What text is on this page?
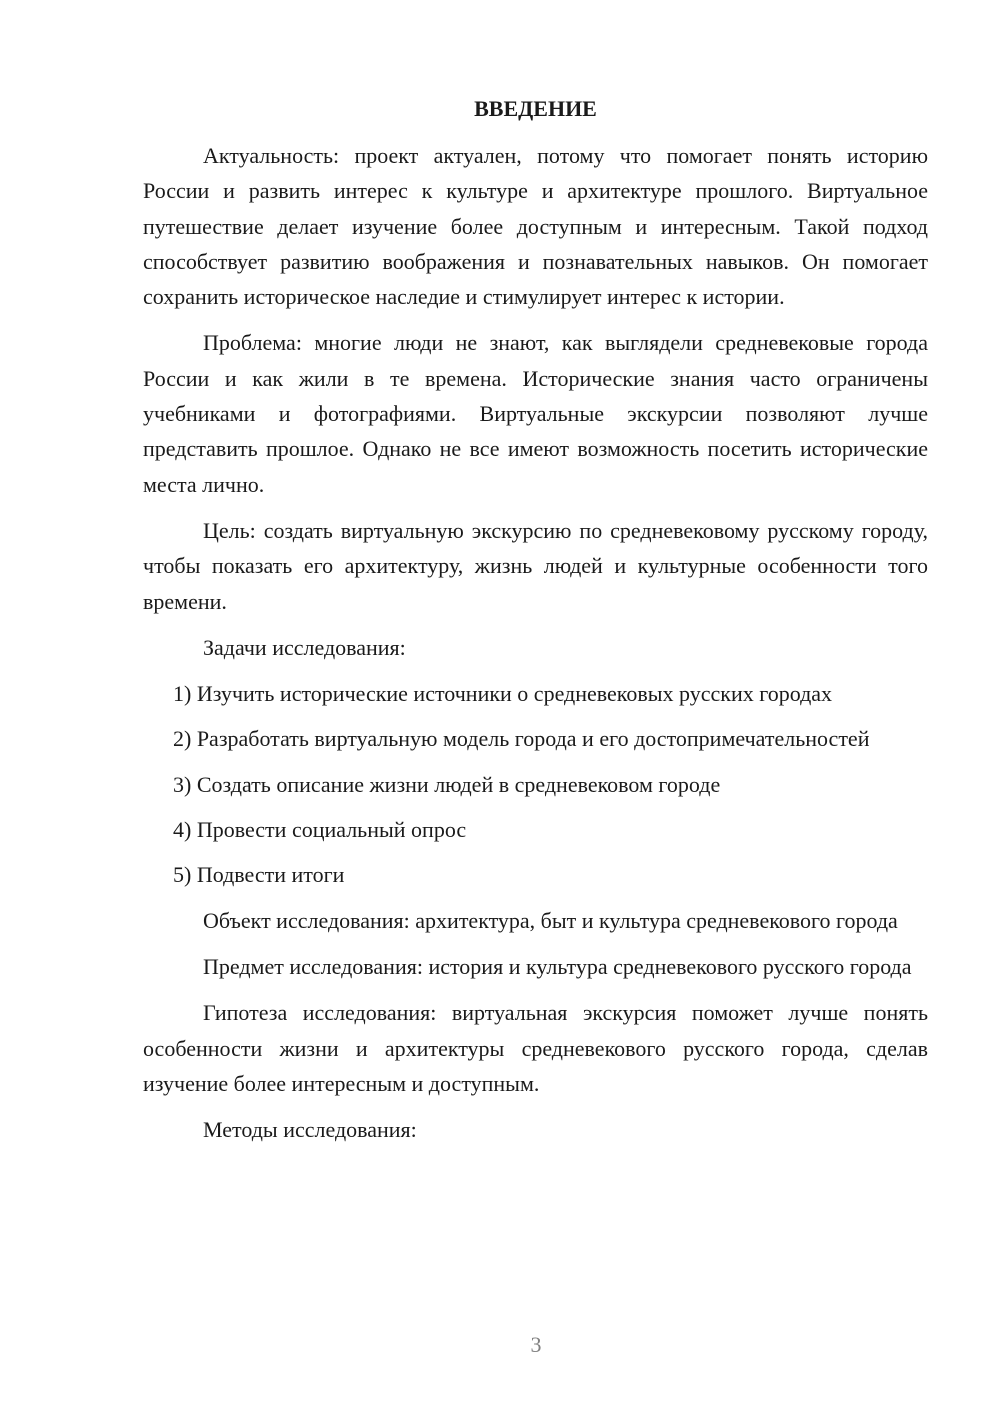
ВВЕДЕНИЕ

Актуальность: проект актуален, потому что помогает понять историю России и развить интерес к культуре и архитектуре прошлого. Виртуальное путешествие делает изучение более доступным и интересным. Такой подход способствует развитию воображения и познавательных навыков. Он помогает сохранить историческое наследие и стимулирует интерес к истории.

Проблема: многие люди не знают, как выглядели средневековые города России и как жили в те времена. Исторические знания часто ограничены учебниками и фотографиями. Виртуальные экскурсии позволяют лучше представить прошлое. Однако не все имеют возможность посетить исторические места лично.

Цель: создать виртуальную экскурсию по средневековому русскому городу, чтобы показать его архитектуру, жизнь людей и культурные особенности того времени.

Задачи исследования:

1) Изучить исторические источники о средневековых русских городах

2) Разработать виртуальную модель города и его достопримечательностей

3) Создать описание жизни людей в средневековом городе

4) Провести социальный опрос

5) Подвести итоги

Объект исследования: архитектура, быт и культура средневекового города

Предмет исследования: история и культура средневекового русского города

Гипотеза исследования: виртуальная экскурсия поможет лучше понять особенности жизни и архитектуры средневекового русского города, сделав изучение более интересным и доступным.

Методы исследования:

3
